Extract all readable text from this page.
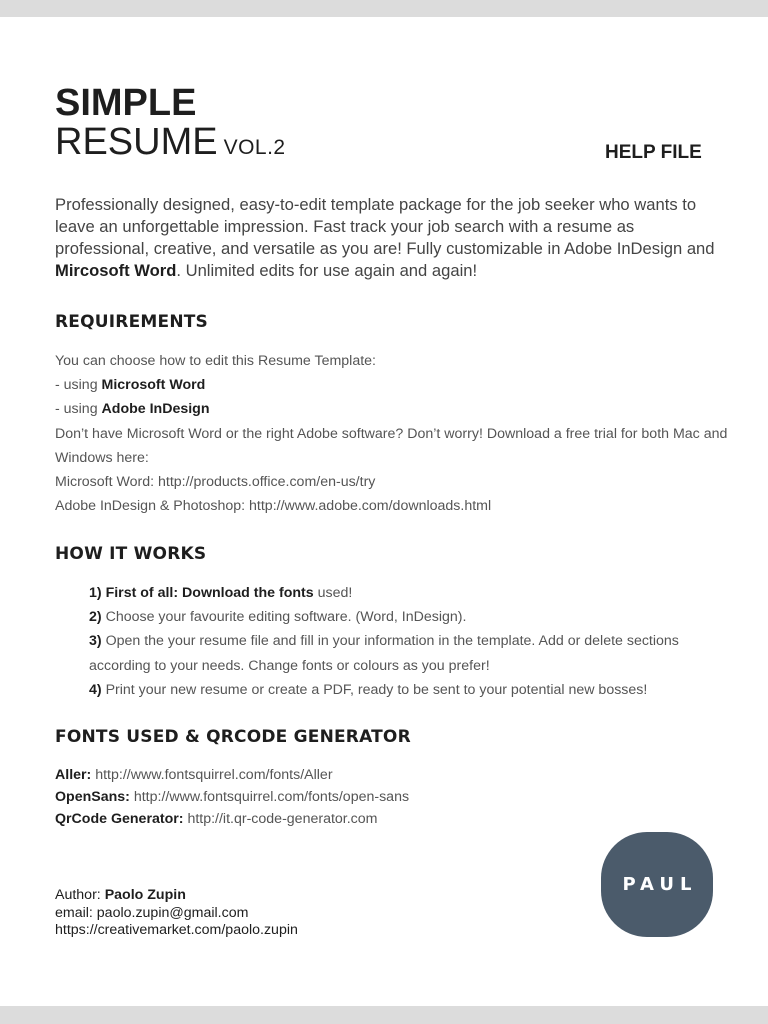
SIMPLE
RESUME VOL.2	HELP FILE
Professionally designed, easy-to-edit template package for the job seeker who wants to leave an unforgettable impression. Fast track your job search with a resume as professional, creative, and versatile as you are! Fully customizable in Adobe InDesign and Mircosoft Word. Unlimited edits for use again and again!
REQUIREMENTS
You can choose how to edit this Resume Template:
- using Microsoft Word
- using Adobe InDesign
Don’t have Microsoft Word or the right Adobe software? Don’t worry! Download a free trial for both Mac and Windows here:
Microsoft Word: http://products.office.com/en-us/try
Adobe InDesign & Photoshop: http://www.adobe.com/downloads.html
HOW IT WORKS
1) First of all: Download the fonts used!
2) Choose your favourite editing software. (Word, InDesign).
3) Open the your resume file and fill in your information in the template. Add or delete sections according to your needs. Change fonts or colours as you prefer!
4) Print your new resume or create a PDF, ready to be sent to your potential new bosses!
FONTS USED & QRCODE GENERATOR
Aller: http://www.fontsquirrel.com/fonts/Aller
OpenSans: http://www.fontsquirrel.com/fonts/open-sans
QrCode Generator: http://it.qr-code-generator.com
Author: Paolo Zupin
email: paolo.zupin@gmail.com
https://creativemarket.com/paolo.zupin
PAUL
